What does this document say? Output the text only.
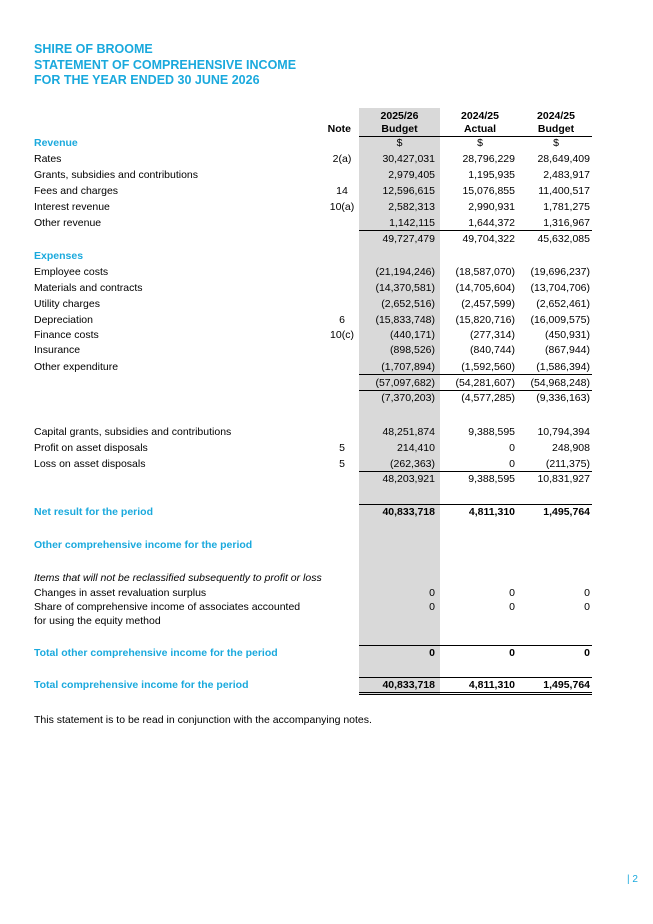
SHIRE OF BROOME
STATEMENT OF COMPREHENSIVE INCOME
FOR THE YEAR ENDED 30 JUNE 2026
2025/26	2024/25	2024/25
Note	Budget	Actual	Budget
Revenue	$	$	$
Rates	2(a)	30,427,031	28,796,229	28,649,409
Grants, subsidies and contributions	2,979,405	1,195,935	2,483,917
Fees and charges	14	12,596,615	15,076,855	11,400,517
Interest revenue	10(a)	2,582,313	2,990,931	1,781,275
Other revenue	1,142,115	1,644,372	1,316,967
49,727,479	49,704,322	45,632,085
Expenses
Employee costs	(21,194,246)	(18,587,070)	(19,696,237)
Materials and contracts	(14,370,581)	(14,705,604)	(13,704,706)
Utility charges	(2,652,516)	(2,457,599)	(2,652,461)
Depreciation	6	(15,833,748)	(15,820,716)	(16,009,575)
Finance costs	10(c)	(440,171)	(277,314)	(450,931)
Insurance	(898,526)	(840,744)	(867,944)
Other expenditure	(1,707,894)	(1,592,560)	(1,586,394)
(57,097,682)	(54,281,607)	(54,968,248)
(7,370,203)	(4,577,285)	(9,336,163)
Capital grants, subsidies and contributions	48,251,874	9,388,595	10,794,394
Profit on asset disposals	5	214,410	0	248,908
Loss on asset disposals	5	(262,363)	0	(211,375)
48,203,921	9,388,595	10,831,927
Net result for the period	40,833,718	4,811,310	1,495,764
Other comprehensive income for the period
Items that will not be reclassified subsequently to profit or loss
Changes in asset revaluation surplus	0	0	0
Share of comprehensive income of associates accounted	0	0	0
for using the equity method
Total other comprehensive income for the period	0	0	0
Total comprehensive income for the period	40,833,718	4,811,310	1,495,764
This statement is to be read in conjunction with the accompanying notes.
| 2
